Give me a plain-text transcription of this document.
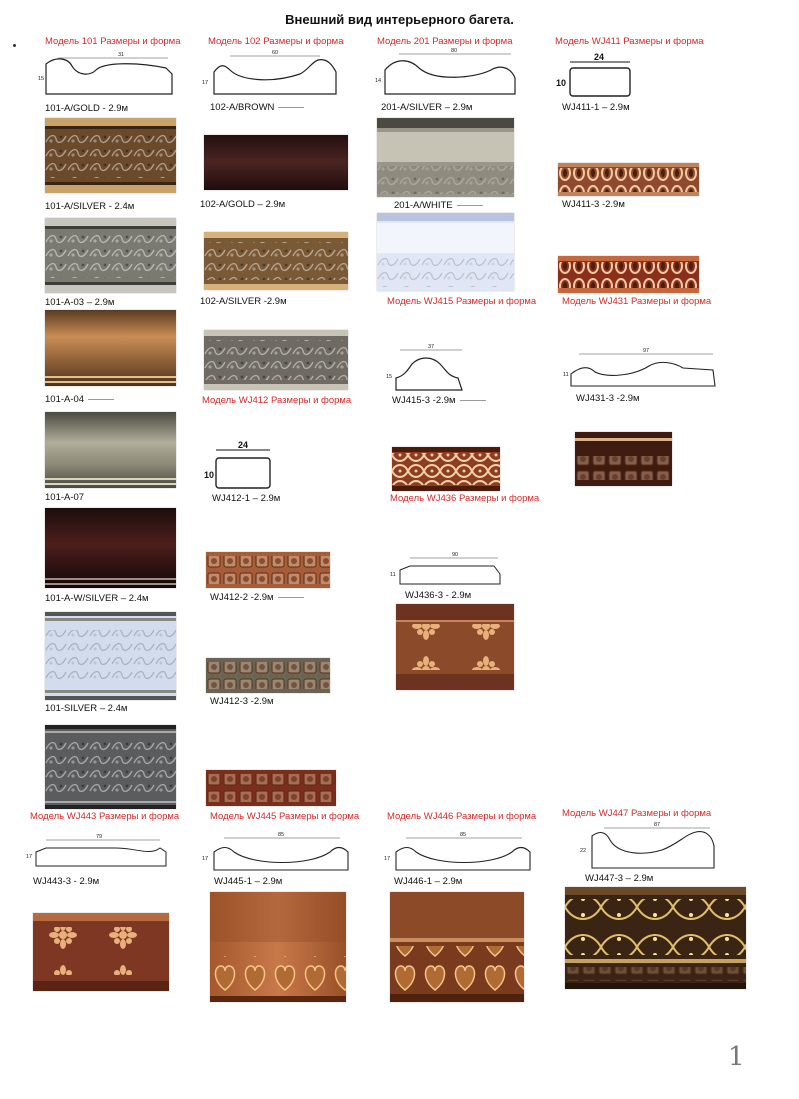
Внешний вид интерьерного багета.
Модель 101 Размеры и форма
31
15
101-A/GOLD - 2.9м
101-A/SILVER - 2.4м
101-A-03 – 2.9м
101-A-04
101-A-07
101-A-W/SILVER – 2.4м
101-SILVER – 2.4м
Модель 102 Размеры и форма
60
17
102-A/BROWN
102-A/GOLD – 2.9м
102-A/SILVER -2.9м
Модель WJ412 Размеры и форма
24
10
WJ412-1 – 2.9м
WJ412-2 -2.9м
WJ412-3 -2.9м
Модель 201 Размеры и форма
80
14
201-A/SILVER – 2.9м
201-A/WHITE
Модель WJ415 Размеры и форма
37
15
WJ415-3 -2.9м
Модель WJ436 Размеры и форма
90
11
WJ436-3 - 2.9м
Модель WJ411 Размеры и форма
24
10
WJ411-1 – 2.9м
WJ411-3 -2.9м
Модель WJ431 Размеры и форма
97
11
WJ431-3 -2.9м
Модель WJ443 Размеры и форма
79
17
WJ443-3 - 2.9м
Модель WJ445 Размеры и форма
85
17
WJ445-1 – 2.9м
Модель WJ446 Размеры и форма
85
17
WJ446-1 – 2.9м
Модель WJ447 Размеры и форма
87
22
WJ447-3 – 2.9м
1
